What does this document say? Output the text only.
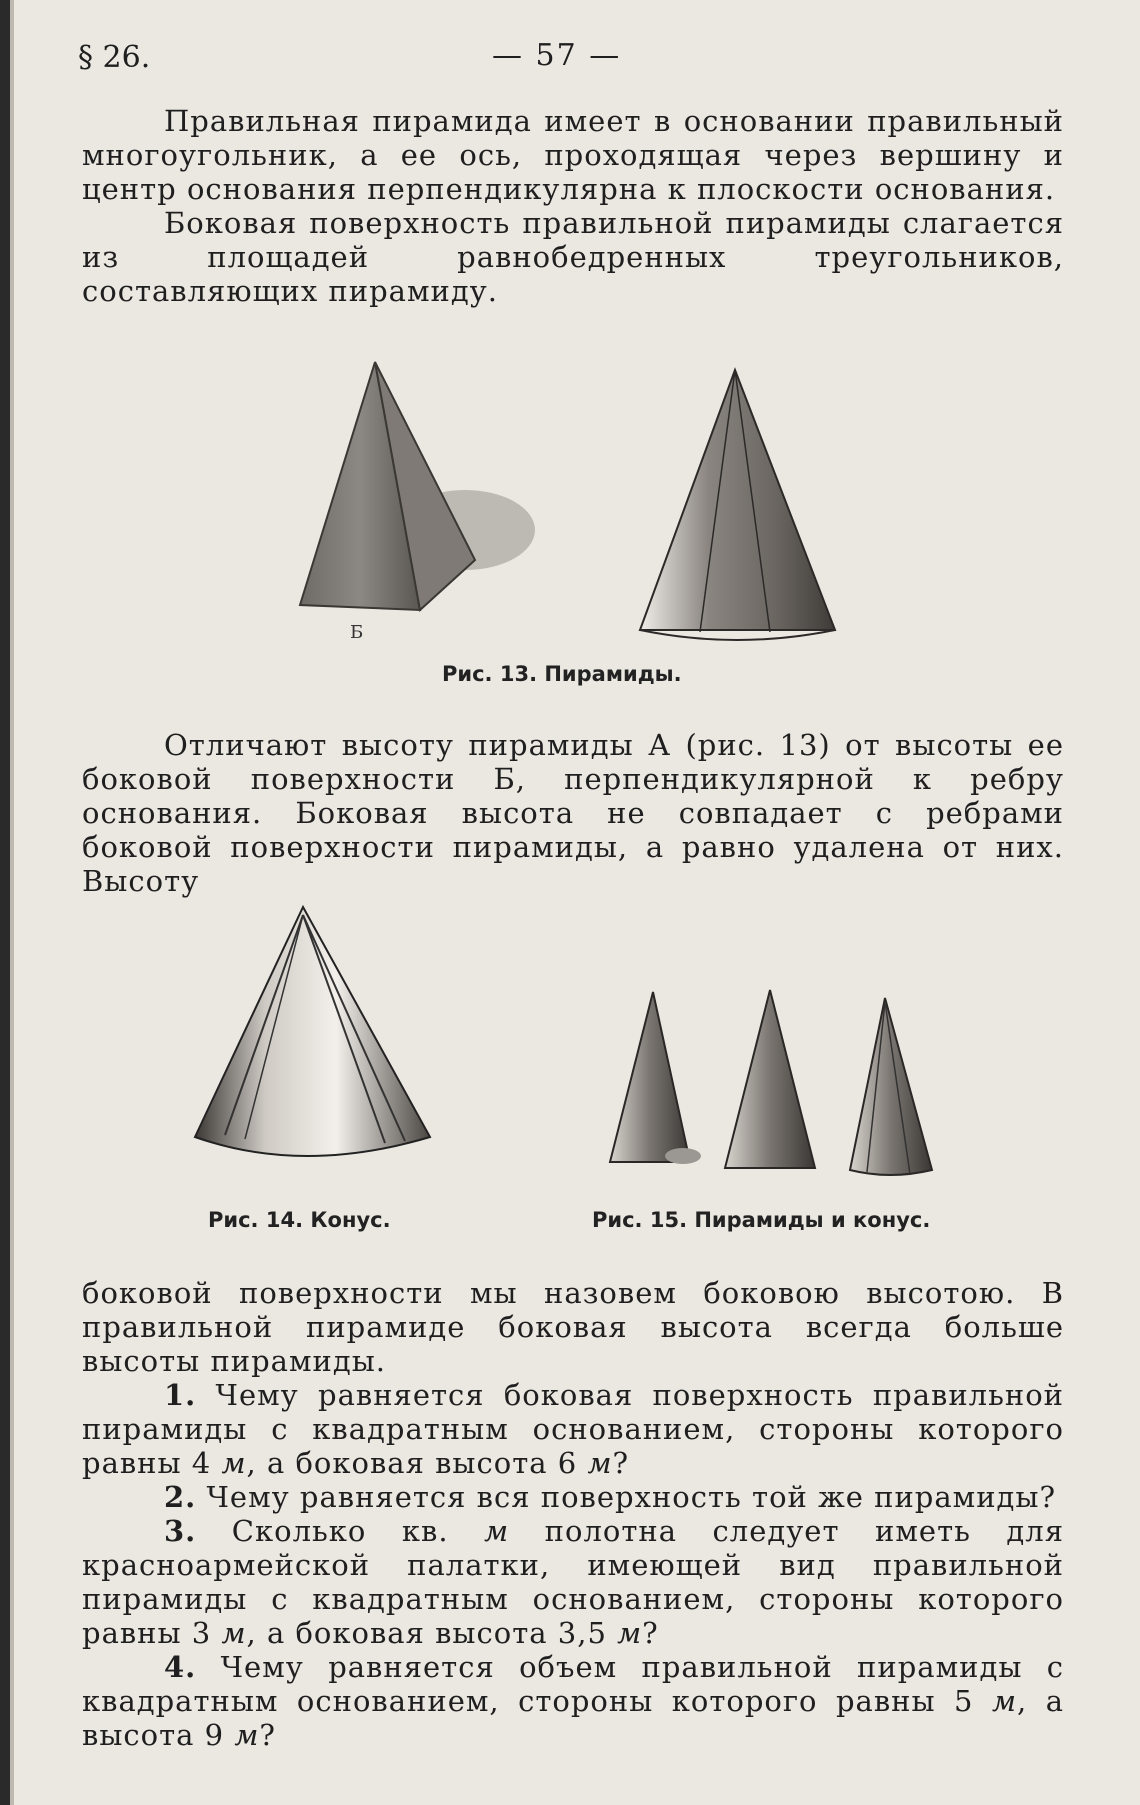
§ 26.	— 57 —

Правильная пирамида имеет в основании правильный многоугольник, а ее ось, проходящая через вершину и центр основания перпендикулярна к плоскости основания.

Боковая поверхность правильной пирамиды слагается из площадей равнобедренных треугольников, составляющих пирамиду.

Б
Рис. 13. Пирамиды.

Отличают высоту пирамиды А (рис. 13) от высоты ее боковой поверхности Б, перпендикулярной к ребру основания. Боковая высота не совпадает с ребрами боковой поверхности пирамиды, а равно удалена от них. Высоту

Рис. 14. Конус.	Рис. 15. Пирамиды и конус.

боковой поверхности мы назовем боковою высотою. В правильной пирамиде боковая высота всегда больше высоты пирамиды.

1. Чему равняется боковая поверхность правильной пирамиды с квадратным основанием, стороны которого равны 4 м, а боковая высота 6 м?

2. Чему равняется вся поверхность той же пирамиды?

3. Сколько кв. м полотна следует иметь для красноармейской палатки, имеющей вид правильной пирамиды с квадратным основанием, стороны которого равны 3 м, а боковая высота 3,5 м?

4. Чему равняется объем правильной пирамиды с квадратным основанием, стороны которого равны 5 м, а высота 9 м?
